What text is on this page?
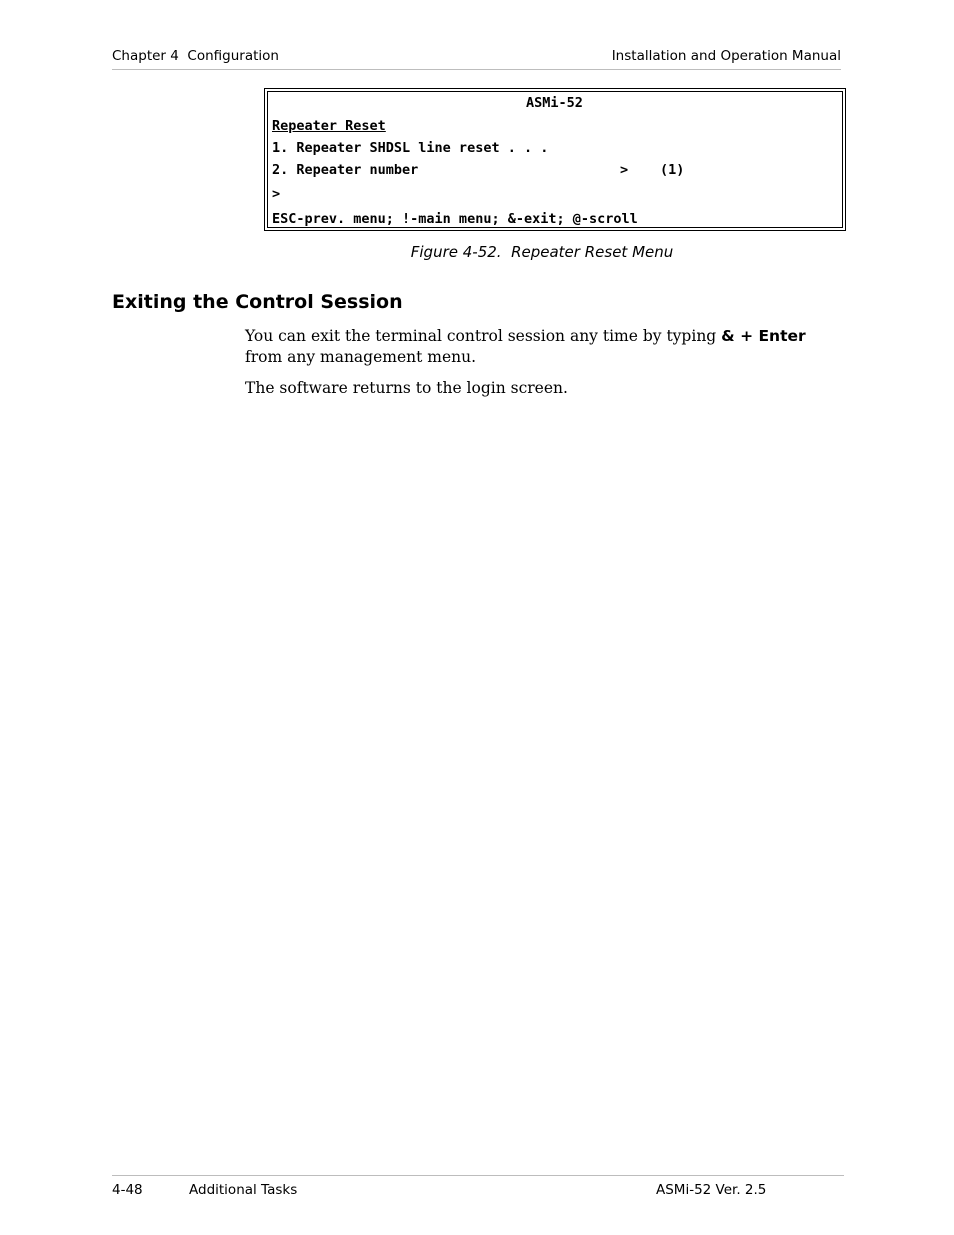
Chapter 4  Configuration	Installation and Operation Manual
ASMi-52
Repeater Reset
1. Repeater SHDSL line reset . . .
2. Repeater number	> (1)
>
ESC-prev. menu; !-main menu; &-exit; @-scroll
Figure 4-52.  Repeater Reset Menu
Exiting the Control Session

You can exit the terminal control session any time by typing & + Enter from any management menu.

The software returns to the login screen.

4-48	Additional Tasks	ASMi-52 Ver. 2.5
